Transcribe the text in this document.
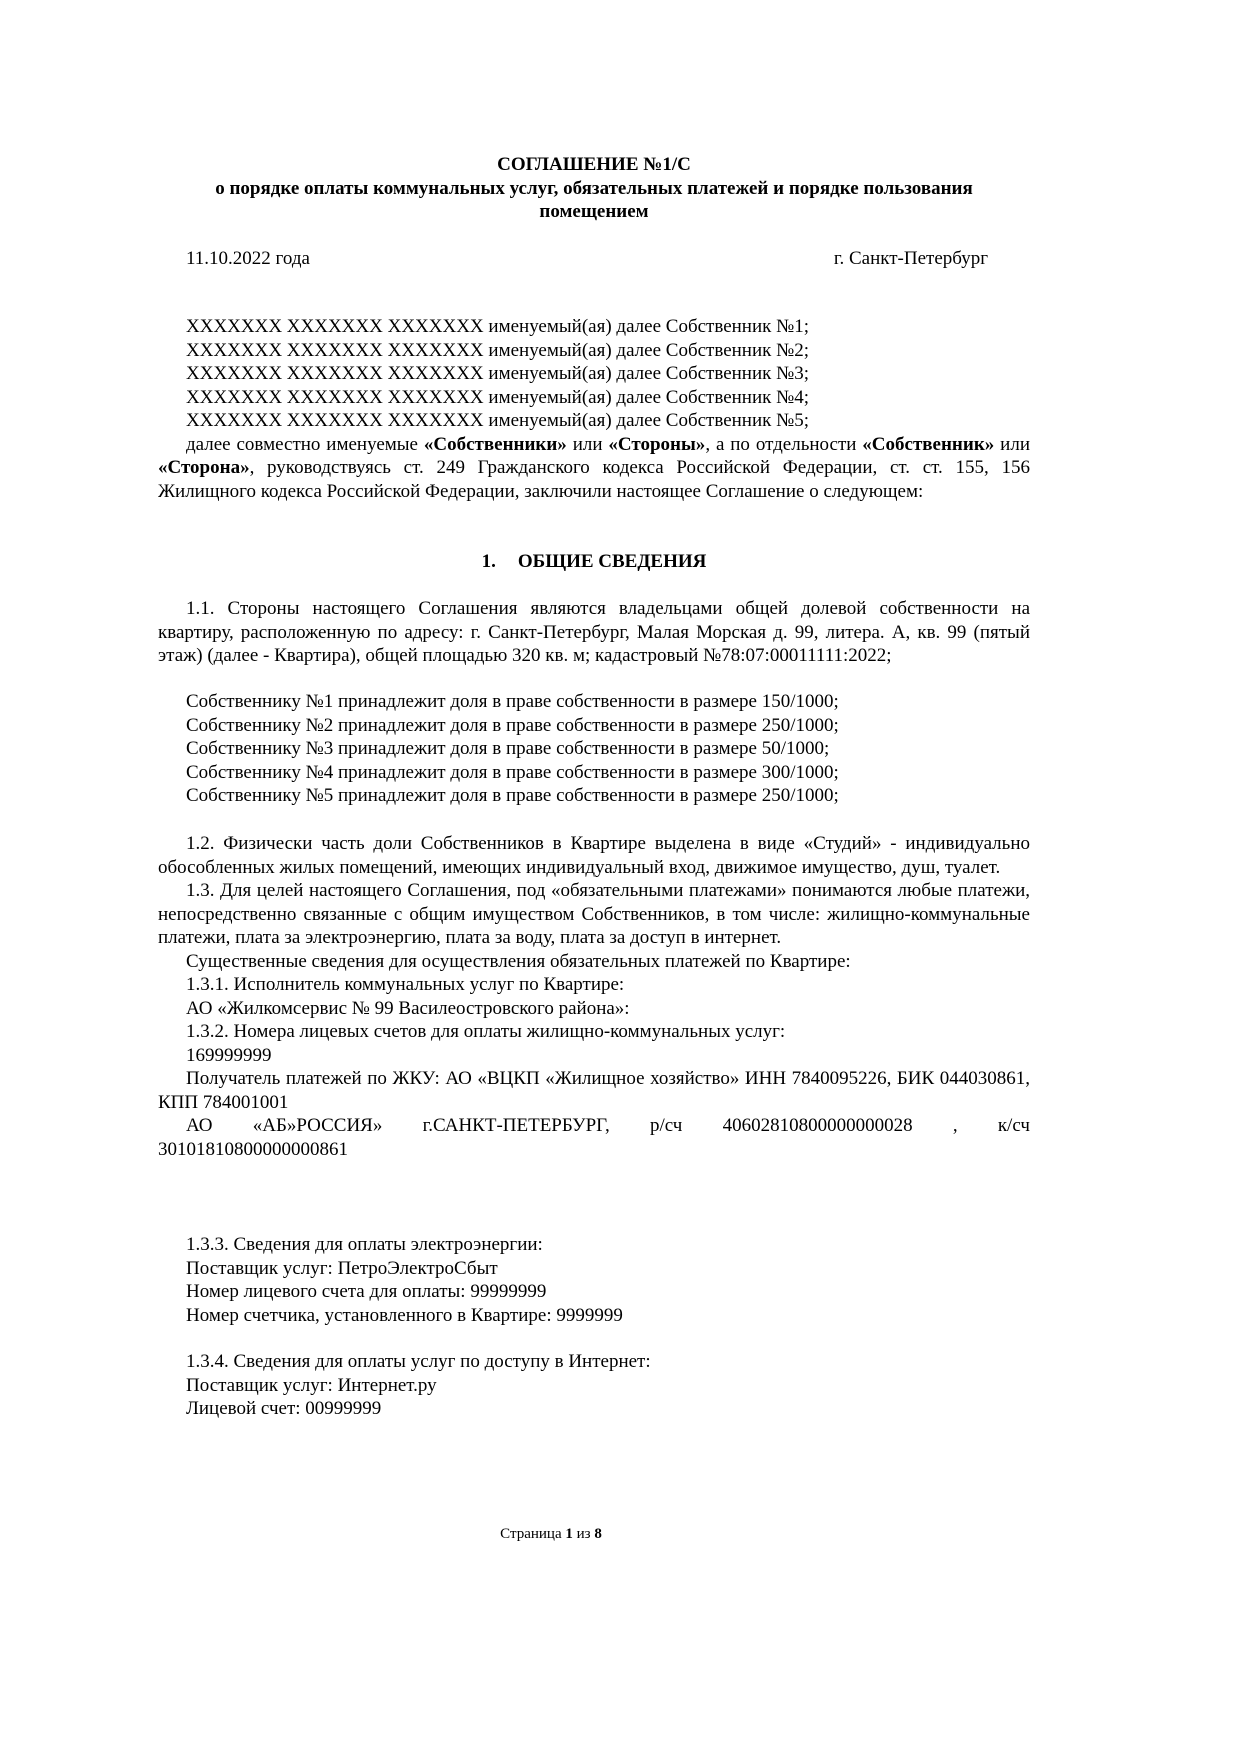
СОГЛАШЕНИЕ №1/С
о порядке оплаты коммунальных услуг, обязательных платежей и порядке пользования
помещением
11.10.2022 года	г. Санкт-Петербург
XXXXXXX XXXXXXX XXXXXXX именуемый(ая) далее Собственник №1;
XXXXXXX XXXXXXX XXXXXXX именуемый(ая) далее Собственник №2;
XXXXXXX XXXXXXX XXXXXXX именуемый(ая) далее Собственник №3;
XXXXXXX XXXXXXX XXXXXXX именуемый(ая) далее Собственник №4;
XXXXXXX XXXXXXX XXXXXXX именуемый(ая) далее Собственник №5;
далее совместно именуемые «Собственники» или «Стороны», а по отдельности «Собственник» или «Сторона», руководствуясь ст. 249 Гражданского кодекса Российской Федерации, ст. ст. 155, 156 Жилищного кодекса Российской Федерации, заключили настоящее Соглашение о следующем:
1. ОБЩИЕ СВЕДЕНИЯ
1.1. Стороны настоящего Соглашения являются владельцами общей долевой собственности на квартиру, расположенную по адресу: г. Санкт-Петербург, Малая Морская д. 99, литера. А, кв. 99 (пятый этаж) (далее - Квартира), общей площадью 320 кв. м; кадастровый №78:07:00011111:2022;
Собственнику №1 принадлежит доля в праве собственности в размере 150/1000;
Собственнику №2 принадлежит доля в праве собственности в размере 250/1000;
Собственнику №3 принадлежит доля в праве собственности в размере 50/1000;
Собственнику №4 принадлежит доля в праве собственности в размере 300/1000;
Собственнику №5 принадлежит доля в праве собственности в размере 250/1000;
1.2. Физически часть доли Собственников в Квартире выделена в виде «Студий» - индивидуально обособленных жилых помещений, имеющих индивидуальный вход, движимое имущество, душ, туалет.
1.3. Для целей настоящего Соглашения, под «обязательными платежами» понимаются любые платежи, непосредственно связанные с общим имуществом Собственников, в том числе: жилищно-коммунальные платежи, плата за электроэнергию, плата за воду, плата за доступ в интернет.
Существенные сведения для осуществления обязательных платежей по Квартире:
1.3.1. Исполнитель коммунальных услуг по Квартире:
АО «Жилкомсервис № 99 Василеостровского района»:
1.3.2. Номера лицевых счетов для оплаты жилищно-коммунальных услуг:
169999999
Получатель платежей по ЖКУ: АО «ВЦКП «Жилищное хозяйство» ИНН 7840095226, БИК 044030861, КПП 784001001
АО «АБ»РОССИЯ» г.САНКТ-ПЕТЕРБУРГ, р/сч 40602810800000000028 , к/сч
30101810800000000861
1.3.3. Сведения для оплаты электроэнергии:
Поставщик услуг: ПетроЭлектроСбыт
Номер лицевого счета для оплаты: 99999999
Номер счетчика, установленного в Квартире: 9999999
1.3.4. Сведения для оплаты услуг по доступу в Интернет:
Поставщик услуг: Интернет.ру
Лицевой счет: 00999999
Страница 1 из 8
